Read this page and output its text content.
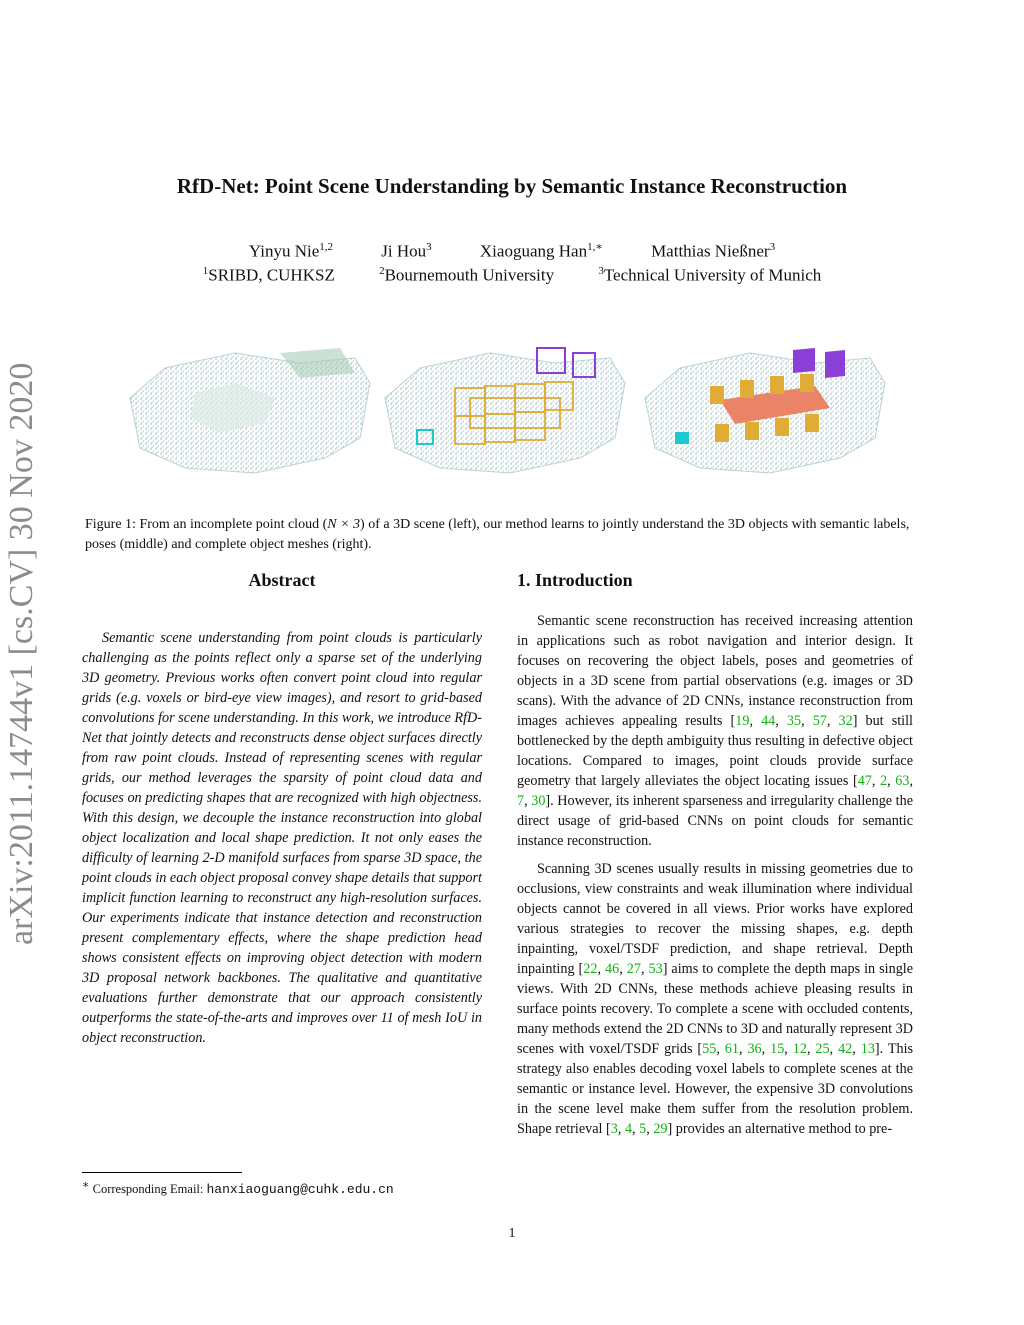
RfD-Net: Point Scene Understanding by Semantic Instance Reconstruction
Yinyu Nie$^{1,2}$	Ji Hou$^3$	Xiaoguang Han$^{1,∗}$	Matthias Nießner$^3$
$^1$SRIBD, CUHKSZ	$^2$Bournemouth University	$^3$Technical University of Munich
arXiv:2011.14744v1 [cs.CV] 30 Nov 2020	Figure 1: From an incomplete point cloud (N × 3) of a 3D scene (left), our method learns to jointly understand the 3D objects with semantic labels, poses (middle) and complete object meshes (right).
Abstract	1. Introduction
Semantic scene understanding from point clouds is particularly challenging as the points reflect only a sparse set of the underlying 3D geometry. Previous works often convert point cloud into regular grids (e.g. voxels or bird-eye view images), and resort to grid-based convolutions for scene understanding. In this work, we introduce RfD-Net that jointly detects and reconstructs dense object surfaces directly from raw point clouds. Instead of representing scenes with regular grids, our method leverages the sparsity of point cloud data and focuses on predicting shapes that are recognized with high objectness. With this design, we decouple the instance reconstruction into global object localization and local shape prediction. It not only eases the difficulty of learning 2-D manifold surfaces from sparse 3D space, the point clouds in each object proposal convey shape details that support implicit function learning to reconstruct any high-resolution surfaces. Our experiments indicate that instance detection and reconstruction present complementary effects, where the shape prediction head shows consistent effects on improving object detection with modern 3D proposal network backbones. The qualitative and quantitative evaluations further demonstrate that our approach consistently outperforms the state-of-the-arts and improves over 11 of mesh IoU in object reconstruction.

Semantic scene reconstruction has received increasing attention in applications such as robot navigation and interior design. It focuses on recovering the object labels, poses and geometries of objects in a 3D scene from partial observations (e.g. images or 3D scans). With the advance of 2D CNNs, instance reconstruction from images achieves appealing results [19, 44, 35, 57, 32] but still bottlenecked by the depth ambiguity thus resulting in defective object locations. Compared to images, point clouds provide surface geometry that largely alleviates the object locating issues [47, 2, 63, 7, 30]. However, its inherent sparseness and irregularity challenge the direct usage of grid-based CNNs on point clouds for semantic instance reconstruction.

Scanning 3D scenes usually results in missing geometries due to occlusions, view constraints and weak illumination where individual objects cannot be covered in all views. Prior works have explored various strategies to recover the missing shapes, e.g. depth inpainting, voxel/TSDF prediction, and shape retrieval. Depth inpainting [22, 46, 27, 53] aims to complete the depth maps in single views. With 2D CNNs, these methods achieve pleasing results in surface points recovery. To complete a scene with occluded contents, many methods extend the 2D CNNs to 3D and naturally represent 3D scenes with voxel/TSDF grids [55, 61, 36, 15, 12, 25, 42, 13]. This strategy also enables decoding voxel labels to complete scenes at the semantic or instance level. However, the expensive 3D convolutions in the scene level make them suffer from the resolution problem. Shape retrieval [3, 4, 5, 29] provides an alternative method to pre-

∗ Corresponding Email: hanxiaoguang@cuhk.edu.cn
1
